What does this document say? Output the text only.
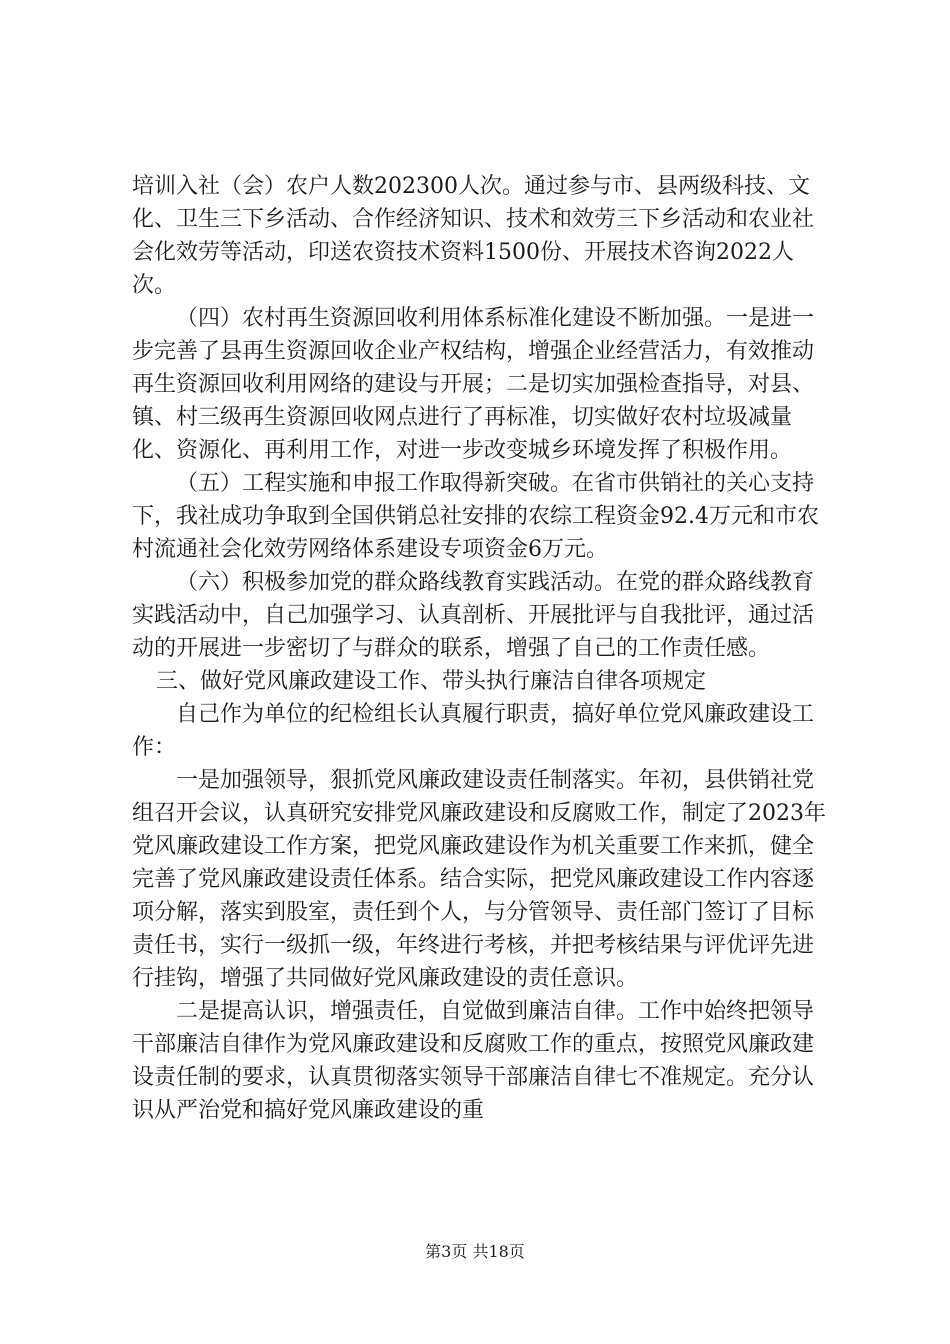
培训入社（会）农户人数202300人次。通过参与市、县两级科技、文化、卫生三下乡活动、合作经济知识、技术和效劳三下乡活动和农业社会化效劳等活动，印送农资技术资料1500份、开展技术咨询2022人次。

（四）农村再生资源回收利用体系标准化建设不断加强。一是进一步完善了县再生资源回收企业产权结构，增强企业经营活力，有效推动再生资源回收利用网络的建设与开展；二是切实加强检查指导，对县、镇、村三级再生资源回收网点进行了再标准，切实做好农村垃圾减量化、资源化、再利用工作，对进一步改变城乡环境发挥了积极作用。

（五）工程实施和申报工作取得新突破。在省市供销社的关心支持下，我社成功争取到全国供销总社安排的农综工程资金92.4万元和市农村流通社会化效劳网络体系建设专项资金6万元。

（六）积极参加党的群众路线教育实践活动。在党的群众路线教育实践活动中，自己加强学习、认真剖析、开展批评与自我批评，通过活动的开展进一步密切了与群众的联系，增强了自己的工作责任感。

三、做好党风廉政建设工作、带头执行廉洁自律各项规定

自己作为单位的纪检组长认真履行职责，搞好单位党风廉政建设工作：

一是加强领导，狠抓党风廉政建设责任制落实。年初，县供销社党组召开会议，认真研究安排党风廉政建设和反腐败工作，制定了2023年党风廉政建设工作方案，把党风廉政建设作为机关重要工作来抓，健全完善了党风廉政建设责任体系。结合实际，把党风廉政建设工作内容逐项分解，落实到股室，责任到个人，与分管领导、责任部门签订了目标责任书，实行一级抓一级，年终进行考核，并把考核结果与评优评先进行挂钩，增强了共同做好党风廉政建设的责任意识。

二是提高认识，增强责任，自觉做到廉洁自律。工作中始终把领导干部廉洁自律作为党风廉政建设和反腐败工作的重点，按照党风廉政建设责任制的要求，认真贯彻落实领导干部廉洁自律七不准规定。充分认识从严治党和搞好党风廉政建设的重

第3页 共18页
